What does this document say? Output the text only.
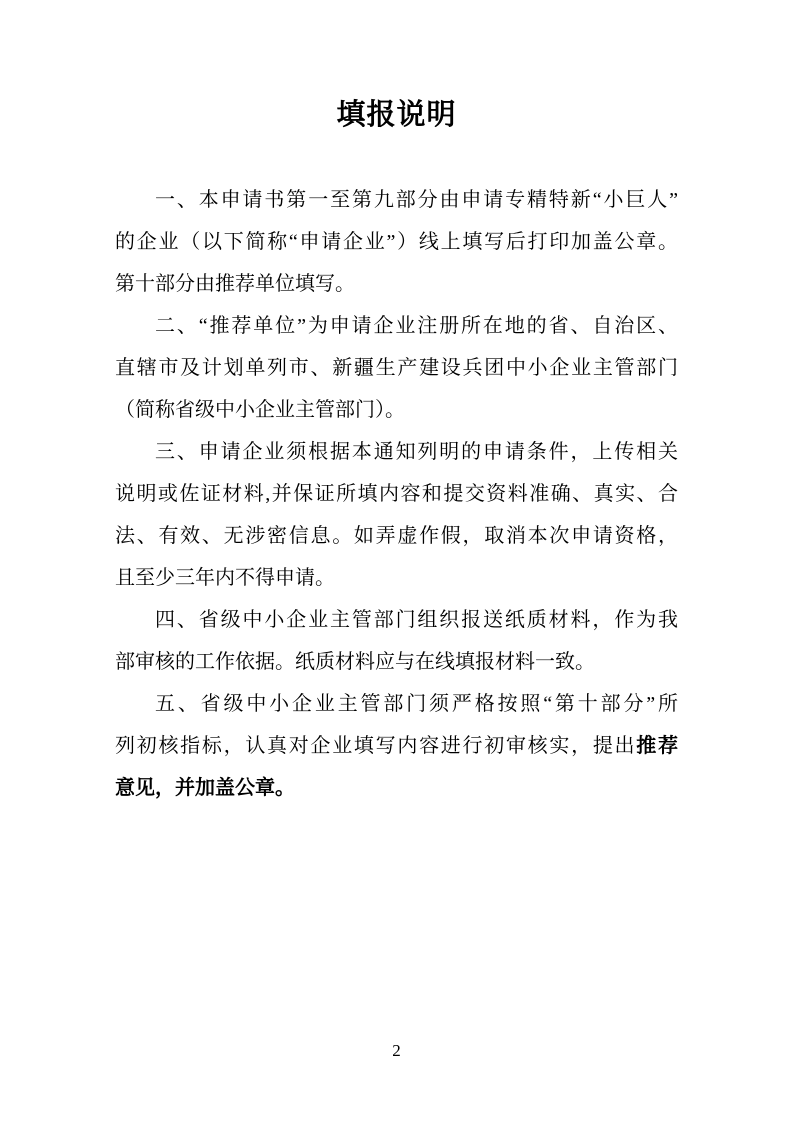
填报说明

一、本申请书第一至第九部分由申请专精特新“小巨人”
的企业（以下简称“申请企业”）线上填写后打印加盖公章。
第十部分由推荐单位填写。

二、“推荐单位”为申请企业注册所在地的省、自治区、
直辖市及计划单列市、新疆生产建设兵团中小企业主管部门
（简称省级中小企业主管部门）。

三、申请企业须根据本通知列明的申请条件，上传相关
说明或佐证材料,并保证所填内容和提交资料准确、真实、合
法、有效、无涉密信息。如弄虚作假，取消本次申请资格，
且至少三年内不得申请。

四、省级中小企业主管部门组织报送纸质材料，作为我
部审核的工作依据。纸质材料应与在线填报材料一致。

五、省级中小企业主管部门须严格按照“第十部分”所
列初核指标，认真对企业填写内容进行初审核实，提出推荐
意见，并加盖公章。

2
